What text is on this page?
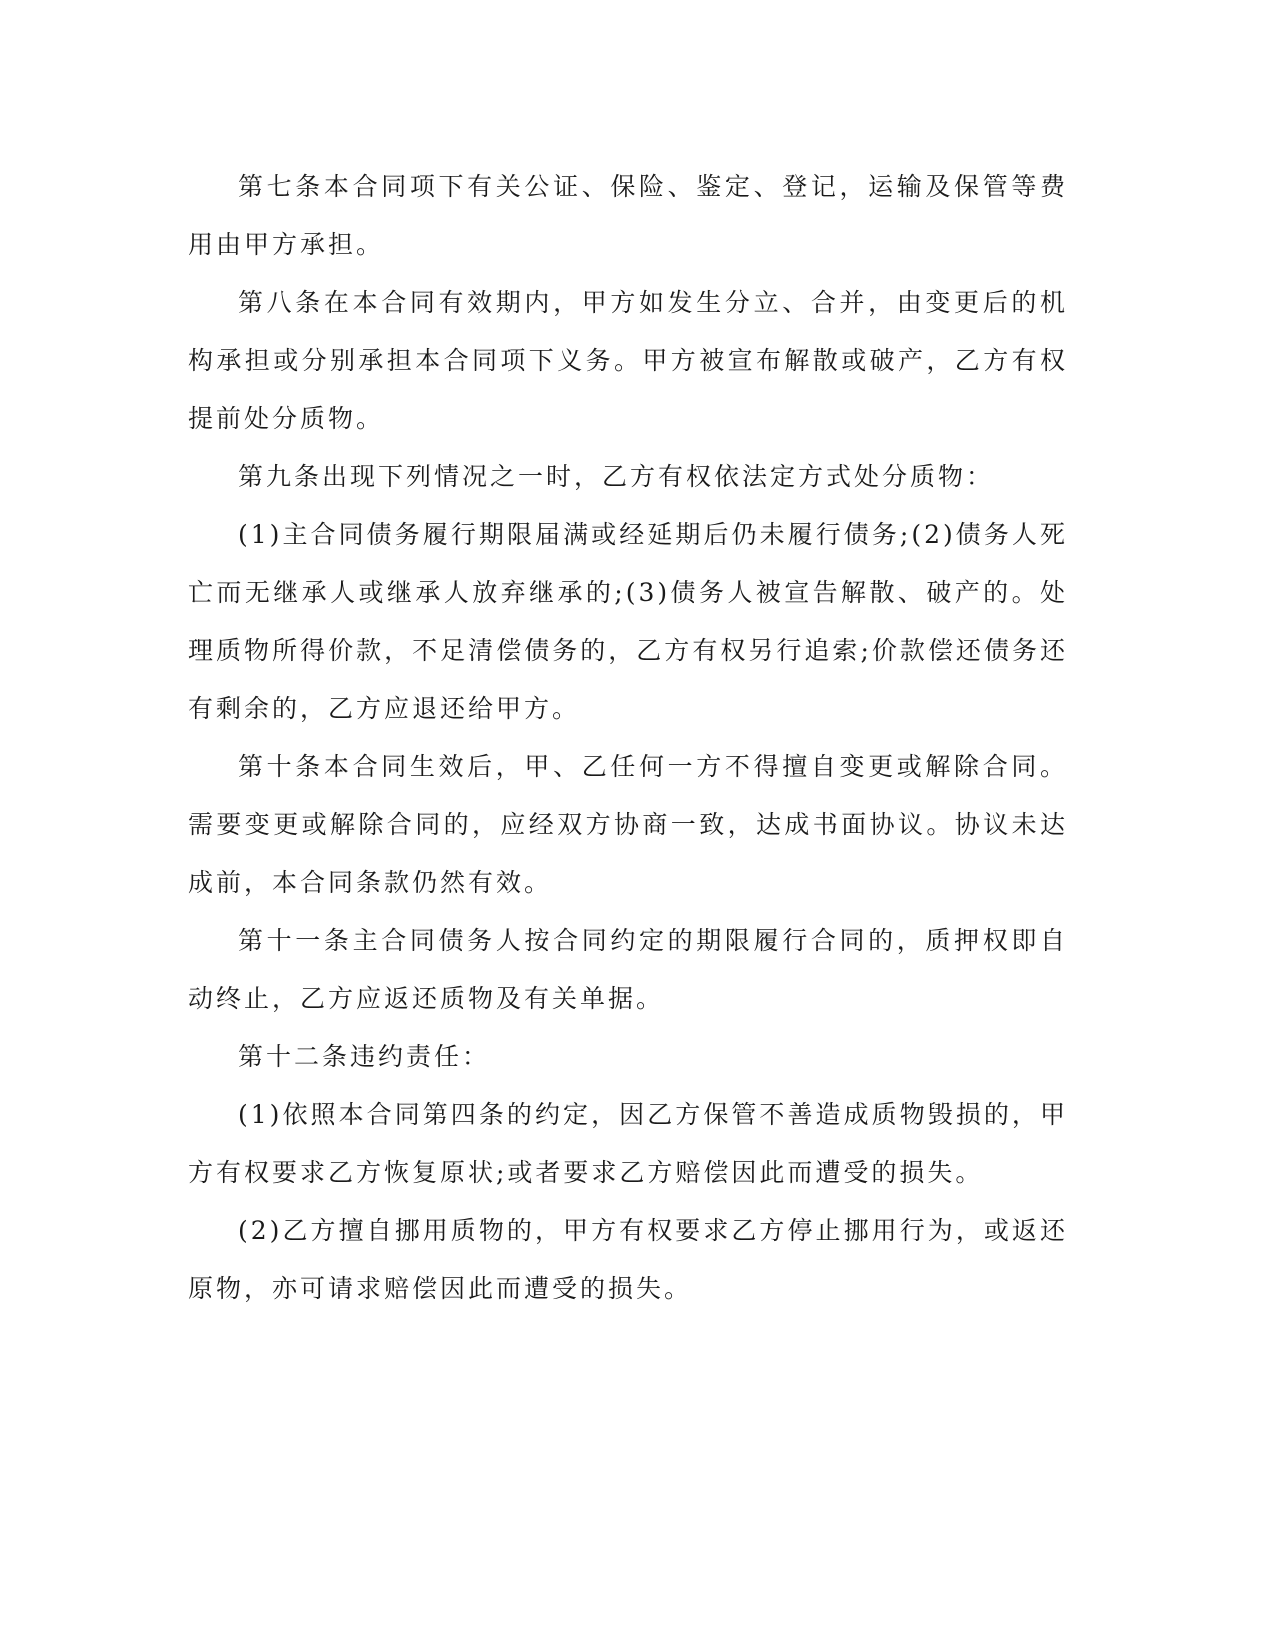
第七条本合同项下有关公证、保险、鉴定、登记，运输及保管等费用由甲方承担。

第八条在本合同有效期内，甲方如发生分立、合并，由变更后的机构承担或分别承担本合同项下义务。甲方被宣布解散或破产，乙方有权提前处分质物。

第九条出现下列情况之一时，乙方有权依法定方式处分质物：

(1)主合同债务履行期限届满或经延期后仍未履行债务;(2)债务人死亡而无继承人或继承人放弃继承的;(3)债务人被宣告解散、破产的。处理质物所得价款，不足清偿债务的，乙方有权另行追索;价款偿还债务还有剩余的，乙方应退还给甲方。

第十条本合同生效后，甲、乙任何一方不得擅自变更或解除合同。需要变更或解除合同的，应经双方协商一致，达成书面协议。协议未达成前，本合同条款仍然有效。

第十一条主合同债务人按合同约定的期限履行合同的，质押权即自动终止，乙方应返还质物及有关单据。

第十二条违约责任：

(1)依照本合同第四条的约定，因乙方保管不善造成质物毁损的，甲方有权要求乙方恢复原状;或者要求乙方赔偿因此而遭受的损失。

(2)乙方擅自挪用质物的，甲方有权要求乙方停止挪用行为，或返还原物，亦可请求赔偿因此而遭受的损失。
